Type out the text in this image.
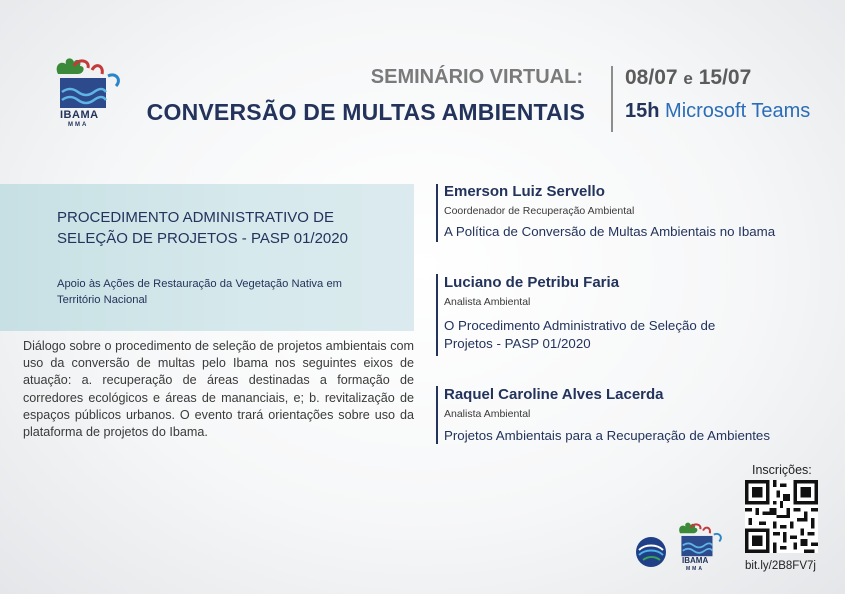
IBAMA
MMA
SEMINÁRIO VIRTUAL:
CONVERSÃO DE MULTAS AMBIENTAIS
08/07 e 15/07
15h Microsoft Teams
PROCEDIMENTO ADMINISTRATIVO DE SELEÇÃO DE PROJETOS - PASP 01/2020
Apoio às Ações de Restauração da Vegetação Nativa em Território Nacional
Diálogo sobre o procedimento de seleção de projetos ambientais com uso da conversão de multas pelo Ibama nos seguintes eixos de atuação: a. recuperação de áreas destinadas a formação de corredores ecológicos e áreas de mananciais, e; b. revitalização de espaços públicos urbanos. O evento trará orientações sobre uso da plataforma de projetos do Ibama.
Emerson Luiz Servello
Coordenador de Recuperação Ambiental
A Política de Conversão de Multas Ambientais no Ibama
Luciano de Petribu Faria
Analista Ambiental
O Procedimento Administrativo de Seleção de  Projetos - PASP 01/2020
Raquel Caroline Alves Lacerda
Analista Ambiental
Projetos Ambientais para a Recuperação de Ambientes
Inscrições:
bit.ly/2B8FV7j
IBAMA
MMA
